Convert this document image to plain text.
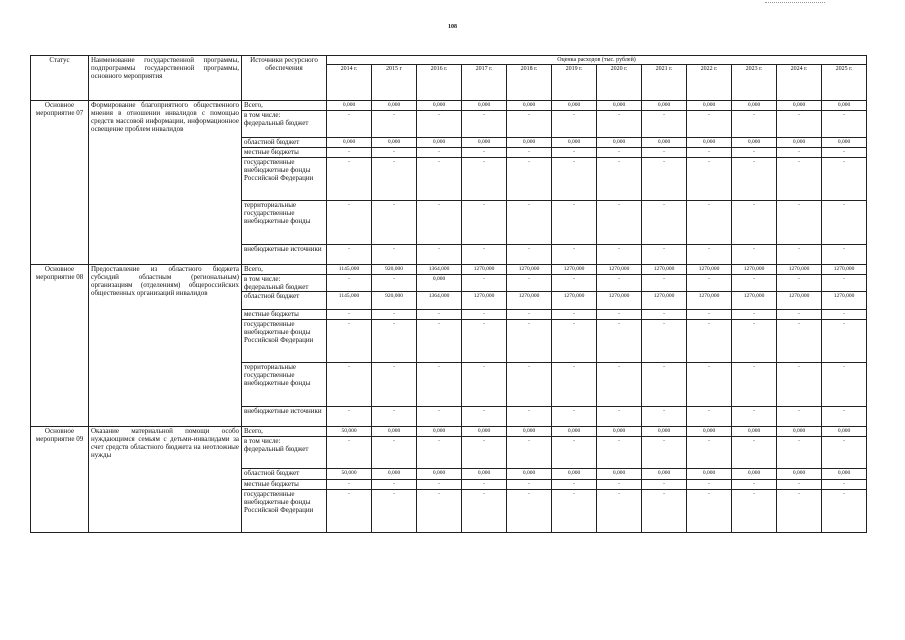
108
Статус	Наименование государственной программы, подпрограммы государственной программы, основного мероприятия	Источники ресурсного обеспечения	Оценка расходов (тыс. рублей)											
			2014 г.	2015 г	2016 г.	2017 г.	2018 г.	2019 г.	2020 г.	2021 г.	2022 г.	2023 г.	2024 г.	2025 г.
Основное мероприятие 07	Формирование благоприятного общественного мнения в отношении инвалидов с помощью средств массовой информации, информационное освещение проблем инвалидов	Всего,	0,000	0,000	0,000	0,000	0,000	0,000	0,000	0,000	0,000	0,000	0,000	0,000

		в том числе:
федеральный бюджет	-	-	-	-	-	-	-	-	-	-	-	-
		областной бюджет	0,000	0,000	0,000	0,000	0,000	0,000	0,000	0,000	0,000	0,000	0,000	0,000
		местные бюджеты	-	-	-	-	-	-	-	-	-	-	-	-
		государственные внебюджетные фонды Российской Федерации	-	-	-	-	-	-	-	-	-	-	-	-
		территориальные государственные внебюджетные фонды	-	-	-	-	-	-	-	-	-	-	-	-
		внебюджетные источники	-	-	-	-	-	-	-	-	-	-	-	-
Основное мероприятие 08	Предоставление из областного бюджета субсидий областным (региональным) организациям (отделениям) общероссийских общественных организаций инвалидов	Всего,	1145,000	920,000	1364,000	1270,000	1270,000	1270,000	1270,000	1270,000	1270,000	1270,000	1270,000	1270,000

		в том числе:
федеральный бюджет	-	-	0,000	-	-	-	-	-	-	-	-	-
		областной бюджет	1145,000	920,000	1364,000	1270,000	1270,000	1270,000	1270,000	1270,000	1270,000	1270,000	1270,000	1270,000
		местные бюджеты	-	-	-	-	-	-	-	-	-	-	-	-
		государственные внебюджетные фонды Российской Федерации	-	-	-	-	-	-	-	-	-	-	-	-
		территориальные государственные внебюджетные фонды	-	-	-	-	-	-	-	-	-	-	-	-
		внебюджетные источники	-	-	-	-	-	-	-	-	-	-	-	-
Основное мероприятие 09	Оказание материальной помощи особо нуждающимся семьям с детьми-инвалидами за счет средств областного бюджета на неотложные нужды	Всего,	50,000	0,000	0,000	0,000	0,000	0,000	0,000	0,000	0,000	0,000	0,000	0,000

		в том числе:
федеральный бюджет	-	-	-	-	-	-	-	-	-	-	-	-
		областной бюджет	50,000	0,000	0,000	0,000	0,000	0,000	0,000	0,000	0,000	0,000	0,000	0,000
		местные бюджеты	-	-	-	-	-	-	-	-	-	-	-	-
		государственные внебюджетные фонды Российской Федерации	-	-	-	-	-	-	-	-	-	-	-	-
